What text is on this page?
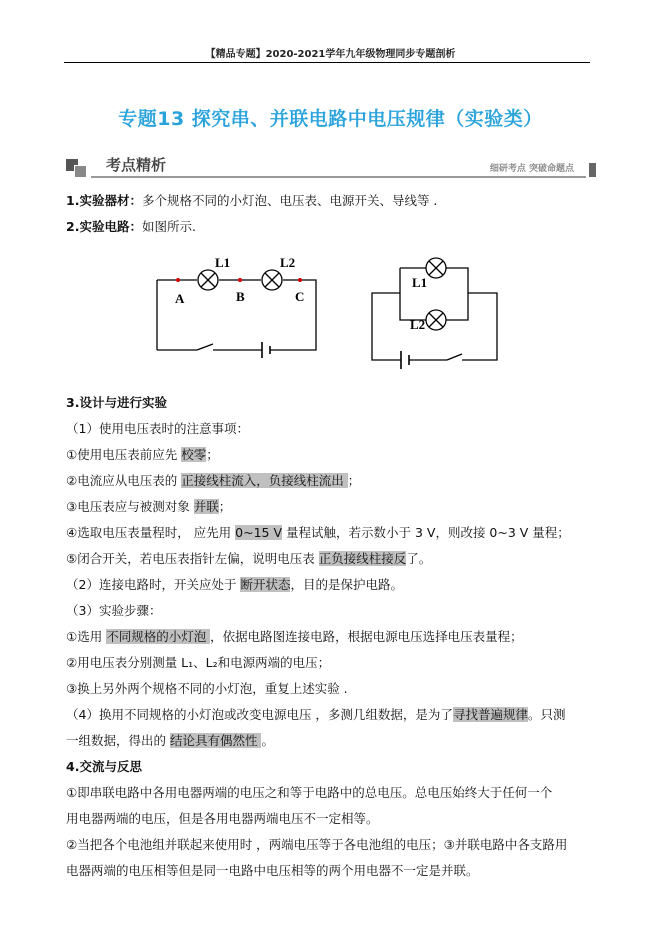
【精品专题】2020-2021学年九年级物理同步专题剖析
专题13 探究串、并联电路中电压规律（实验类）
考点精析	细研考点 突破命题点
1.实验器材：多个规格不同的小灯泡、电压表、电源开关、导线等 .
2.实验电路：如图所示.
3.设计与进行实验
（1）使用电压表时的注意事项：
①使用电压表前应先 校零；
②电流应从电压表的 正接线柱流入，负接线柱流出 ；
③电压表应与被测对象 并联；
④选取电压表量程时， 应先用 0~15 V 量程试触，若示数小于 3 V，则改接 0~3 V 量程；
⑤闭合开关，若电压表指针左偏，说明电压表 正负接线柱接反了。
（2）连接电路时，开关应处于 断开状态，目的是保护电路。
（3）实验步骤：
①选用 不同规格的小灯泡 ，依据电路图连接电路，根据电源电压选择电压表量程；
②用电压表分别测量 L₁、L₂和电源两端的电压；
③换上另外两个规格不同的小灯泡，重复上述实验 .
（4）换用不同规格的小灯泡或改变电源电压 ，多测几组数据，是为了寻找普遍规律。只测
一组数据，得出的 结论具有偶然性 。
4.交流与反思
①即串联电路中各用电器两端的电压之和等于电路中的总电压。总电压始终大于任何一个
用电器两端的电压，但是各用电器两端电压不一定相等。
②当把各个电池组并联起来使用时 ，两端电压等于各电池组的电压；③并联电路中各支路用
电器两端的电压相等但是同一电路中电压相等的两个用电器不一定是并联。
L1	L2
A	B	C
L1
L2
